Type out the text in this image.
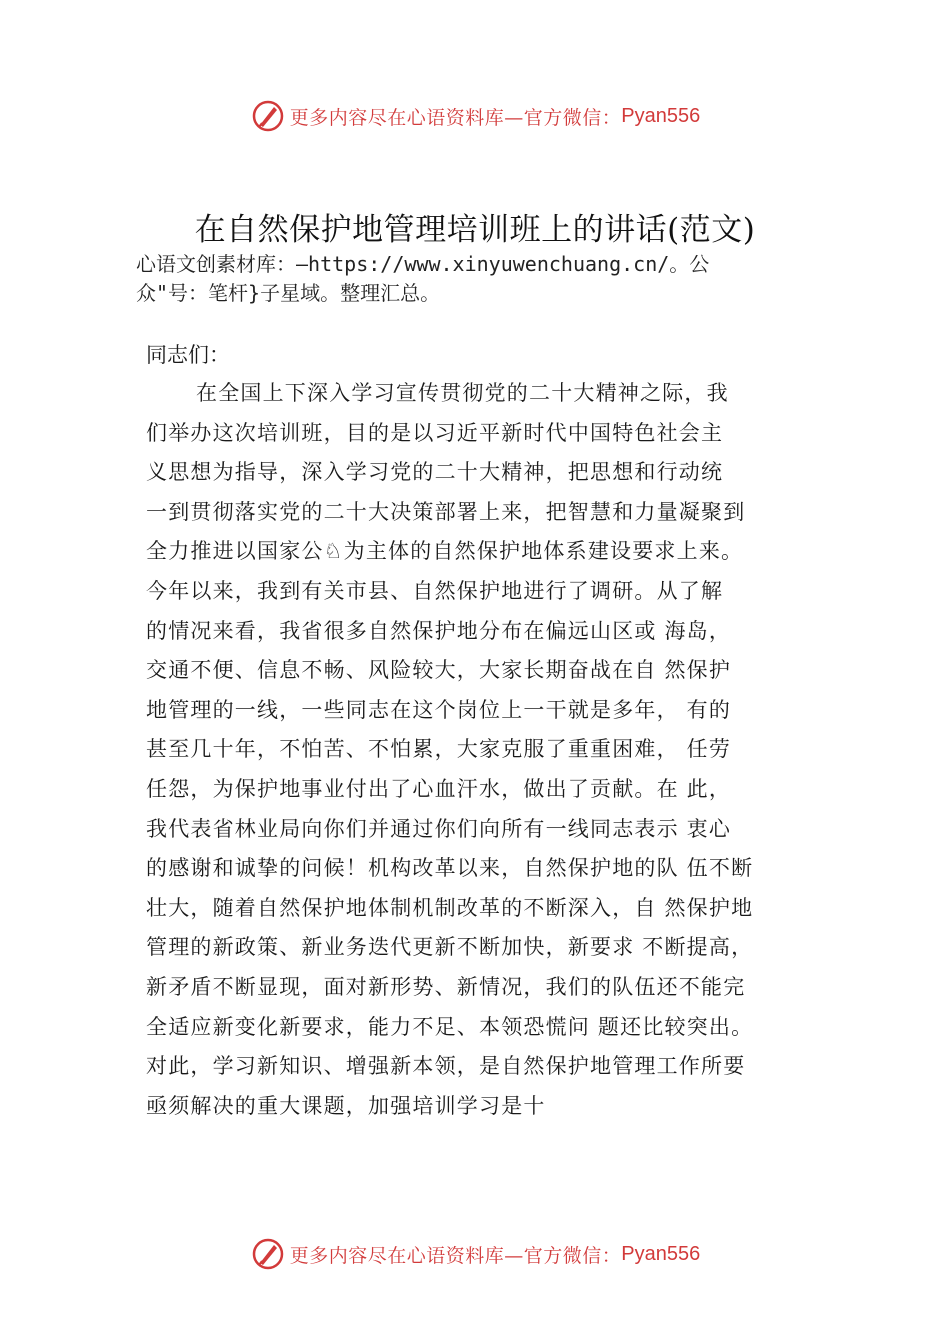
更多内容尽在心语资料库—官方微信： Pyan556
在自然保护地管理培训班上的讲话(范文)
心语文创素材库：—https://www.xinyuwenchuang.cn/。公
众"号：笔杆}子星域。整理汇总。
同志们：
在全国上下深入学习宣传贯彻党的二十大精神之际，我
们举办这次培训班，目的是以习近平新时代中国特色社会主
义思想为指导，深入学习党的二十大精神，把思想和行动统
一到贯彻落实党的二十大决策部署上来，把智慧和力量凝聚到
全力推进以国家公♘为主体的自然保护地体系建设要求上来。
今年以来，我到有关市县、自然保护地进行了调研。从了解
的情况来看，我省很多自然保护地分布在偏远山区或 海岛，
交通不便、信息不畅、风险较大，大家长期奋战在自 然保护
地管理的一线，一些同志在这个岗位上一干就是多年， 有的
甚至几十年，不怕苦、不怕累，大家克服了重重困难， 任劳
任怨，为保护地事业付出了心血汗水，做出了贡献。在 此，
我代表省林业局向你们并通过你们向所有一线同志表示 衷心
的感谢和诚挚的问候！机构改革以来，自然保护地的队 伍不断
壮大，随着自然保护地体制机制改革的不断深入，自 然保护地
管理的新政策、新业务迭代更新不断加快，新要求 不断提高，
新矛盾不断显现，面对新形势、新情况，我们的队伍还不能完
全适应新变化新要求，能力不足、本领恐慌问 题还比较突出。
对此，学习新知识、增强新本领，是自然保护地管理工作所要
亟须解决的重大课题，加强培训学习是十
更多内容尽在心语资料库—官方微信： Pyan556
